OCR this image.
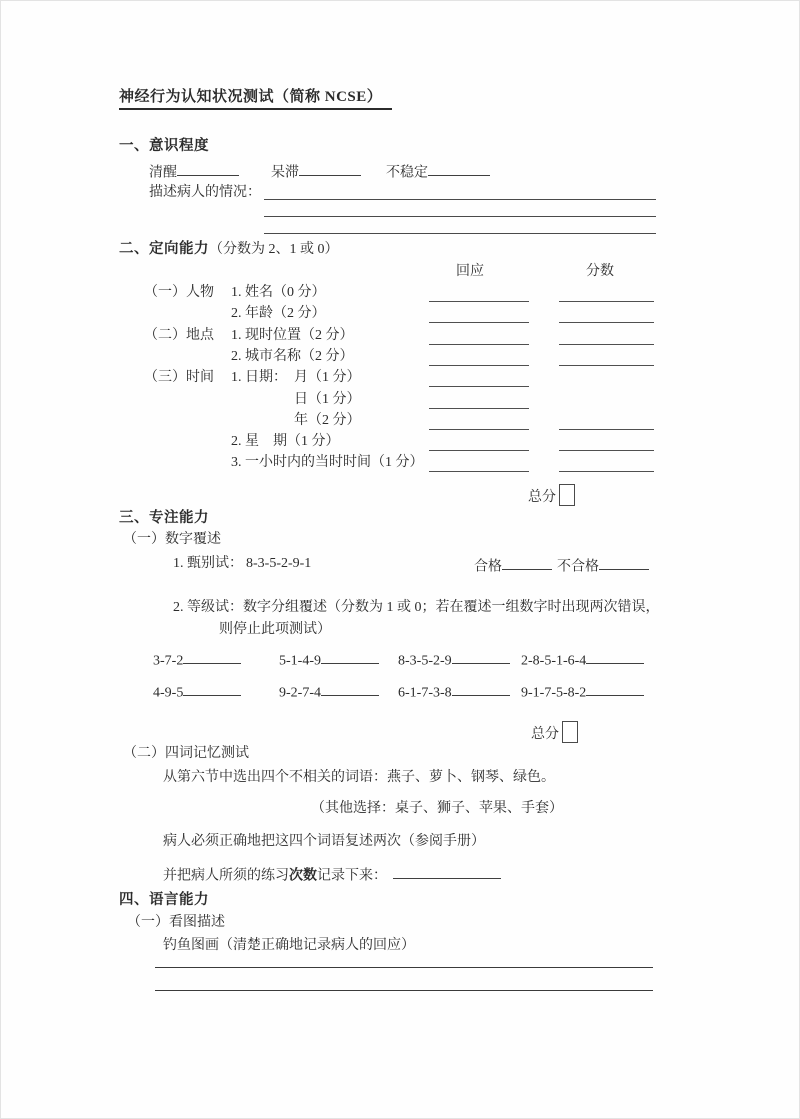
神经行为认知状况测试（简称 NCSE）
一、意识程度
清醒	呆滞	不稳定
描述病人的情况：
二、定向能力（分数为 2、1 或 0）
回应	分数
（一）人物 1. 姓名（0 分）
2. 年龄（2 分）
（二）地点 1. 现时位置（2 分）
2. 城市名称（2 分）
（三）时间 1. 日期： 月（1 分）
日（1 分）
年（2 分）
2. 星　期（1 分）
3. 一小时内的当时时间（1 分）
总分
三、专注能力
（一）数字覆述
1. 甄别试： 8-3-5-2-9-1	合格	不合格
2. 等级试：数字分组覆述（分数为 1 或 0；若在覆述一组数字时出现两次错误，
则停止此项测试）
3-7-2	5-1-4-9	8-3-5-2-9	2-8-5-1-6-4
4-9-5	9-2-7-4	6-1-7-3-8	9-1-7-5-8-2
总分
（二）四词记忆测试
从第六节中选出四个不相关的词语：燕子、萝卜、钢琴、绿色。
（其他选择：桌子、狮子、苹果、手套）
病人必须正确地把这四个词语复述两次（参阅手册）
并把病人所须的练习次数记录下来：
四、语言能力
（一）看图描述
钓鱼图画（清楚正确地记录病人的回应）
